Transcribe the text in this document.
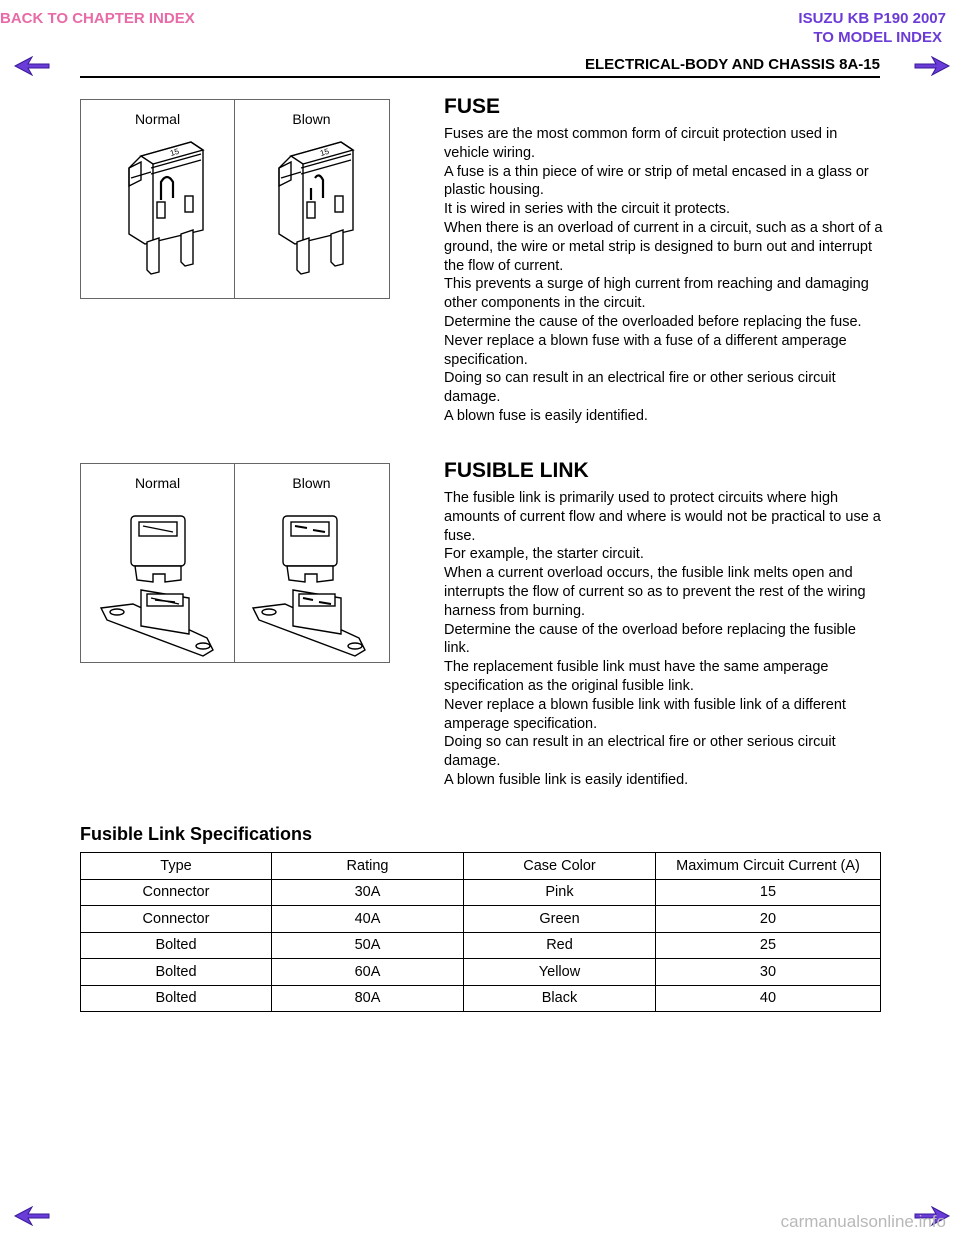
BACK TO CHAPTER INDEX	ISUZU KB P190 2007
TO MODEL INDEX
ELECTRICAL-BODY AND CHASSIS 8A-15
Normal	Blown
15	15
FUSE
Fuses are the most common form of circuit protection used in vehicle wiring.
A fuse is a thin piece of wire or strip of metal encased in a glass or plastic housing.
It is wired in series with the circuit it protects.
When there is an overload of current in a circuit, such as a short of a ground, the wire or metal strip is designed to burn out and interrupt the flow of current.
This prevents a surge of high current from reaching and damaging other components in the circuit.
Determine the cause of the overloaded before replacing the fuse.
Never replace a blown fuse with a fuse of a different amperage specification.
Doing so can result in an electrical fire or other serious circuit damage.
A blown fuse is easily identified.
Normal	Blown
FUSIBLE LINK
The fusible link is primarily used to protect circuits where high amounts of current flow and where is would not be practical to use a fuse.
For example, the starter circuit.
When a current overload occurs, the fusible link melts open and interrupts the flow of current so as to prevent the rest of the wiring harness from burning.
Determine the cause of the overload before replacing the fusible link.
The replacement fusible link must have the same amperage specification as the original fusible link.
Never replace a blown fusible link with fusible link of a different amperage specification.
Doing so can result in an electrical fire or other serious circuit damage.
A blown fusible link is easily identified.
Fusible Link Specifications
Type	Rating	Case Color	Maximum Circuit Current (A)
Connector	30A	Pink	15
Connector	40A	Green	20
Bolted	50A	Red	25
Bolted	60A	Yellow	30
Bolted	80A	Black	40
carmanualsonline.info
